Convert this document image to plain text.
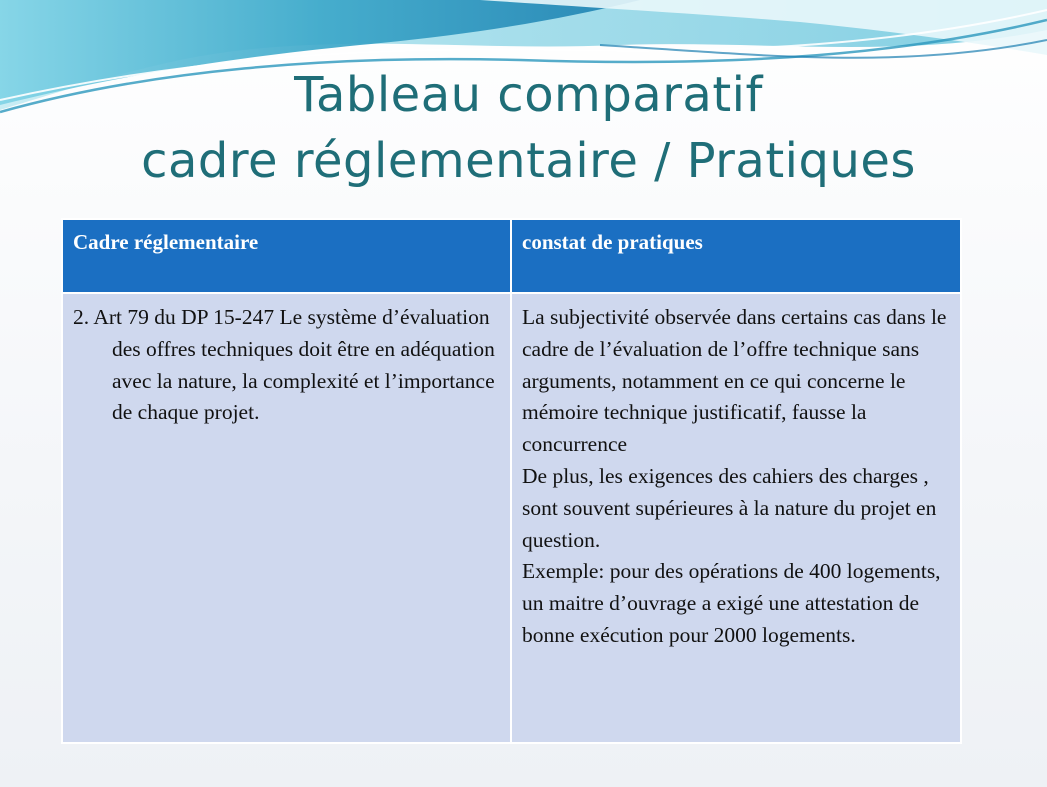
Tableau comparatif
cadre réglementaire / Pratiques
Cadre réglementaire	constat de pratiques

2. Art 79 du DP 15-247 Le système d’évaluation des offres techniques doit être en adéquation avec la nature, la complexité et l’importance de chaque projet.	La subjectivité observée dans certains cas dans le cadre de l’évaluation de l’offre technique sans arguments, notamment en ce qui concerne le mémoire technique justificatif, fausse la concurrence

De plus, les exigences des cahiers des charges , sont souvent supérieures à la nature du projet en question.

Exemple: pour des opérations de 400 logements, un maitre d’ouvrage a exigé une attestation de bonne exécution pour 2000 logements.
